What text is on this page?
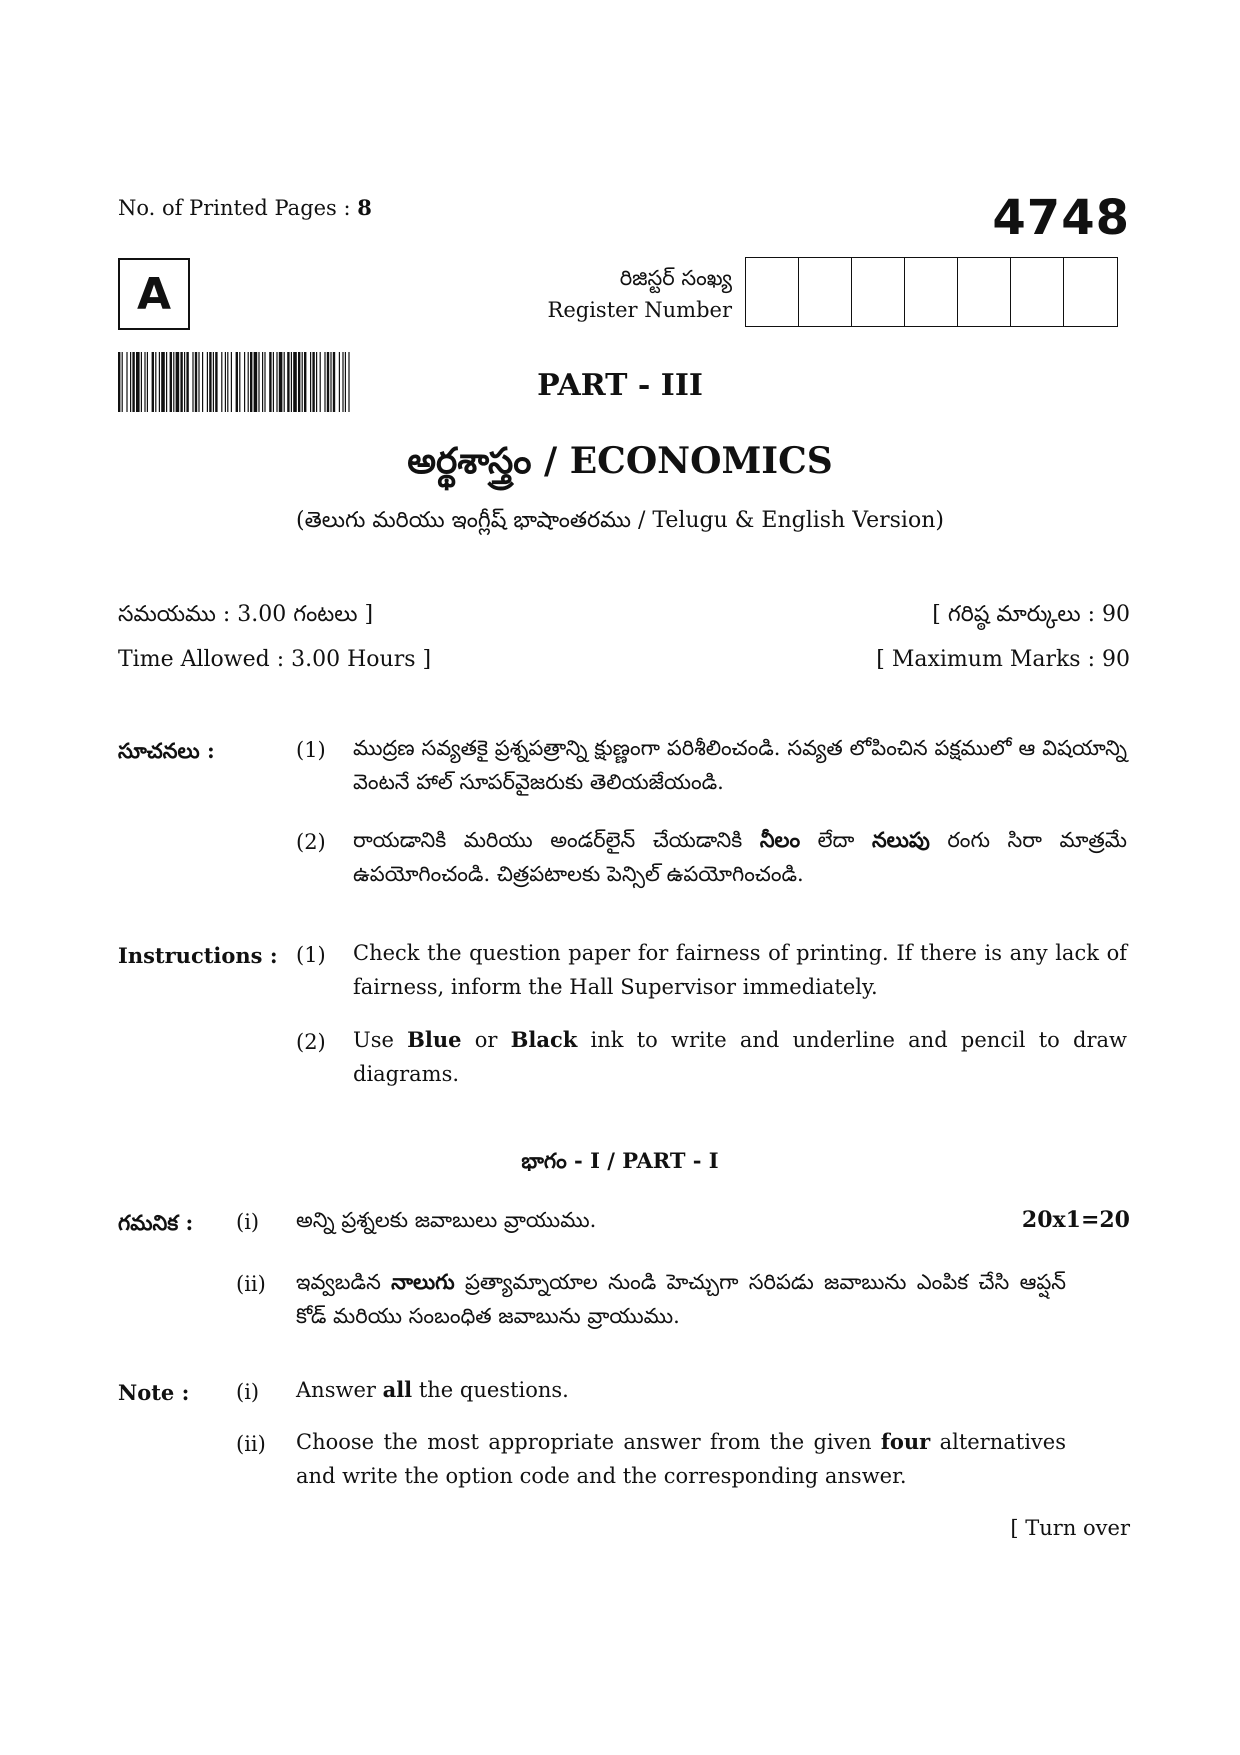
No. of Printed Pages : 8	4748
A	రిజిస్టర్ సంఖ్య
Register Number
PART - III
అర్థశాస్త్రం / ECONOMICS
(తెలుగు మరియు ఇంగ్లీష్ భాషాంతరము / Telugu & English Version)
సమయము : 3.00 గంటలు ]	[ గరిష్ఠ మార్కులు : 90
Time Allowed : 3.00 Hours ]	[ Maximum Marks : 90
సూచనలు :	(1) ముద్రణ సవ్యతకై ప్రశ్నపత్రాన్ని క్షుణ్ణంగా పరిశీలించండి. సవ్యత లోపించిన పక్షములో ఆ విషయాన్ని వెంటనే హాల్ సూపర్‌వైజరుకు తెలియజేయండి.
(2) రాయడానికి మరియు అండర్‌లైన్ చేయడానికి నీలం లేదా నలుపు రంగు సిరా మాత్రమే ఉపయోగించండి. చిత్రపటాలకు పెన్సిల్ ఉపయోగించండి.
Instructions : (1) Check the question paper for fairness of printing. If there is any lack of fairness, inform the Hall Supervisor immediately.
(2) Use Blue or Black ink to write and underline and pencil to draw diagrams.
భాగం - I / PART - I
20x1=20
గమనిక : (i) అన్ని ప్రశ్నలకు జవాబులు వ్రాయుము.
(ii) ఇవ్వబడిన నాలుగు ప్రత్యామ్నాయాల నుండి హెచ్చుగా సరిపడు జవాబును ఎంపిక చేసి ఆప్షన్ కోడ్ మరియు సంబంధిత జవాబును వ్రాయుము.
Note : (i) Answer all the questions.
(ii) Choose the most appropriate answer from the given four alternatives and write the option code and the corresponding answer.
[ Turn over
